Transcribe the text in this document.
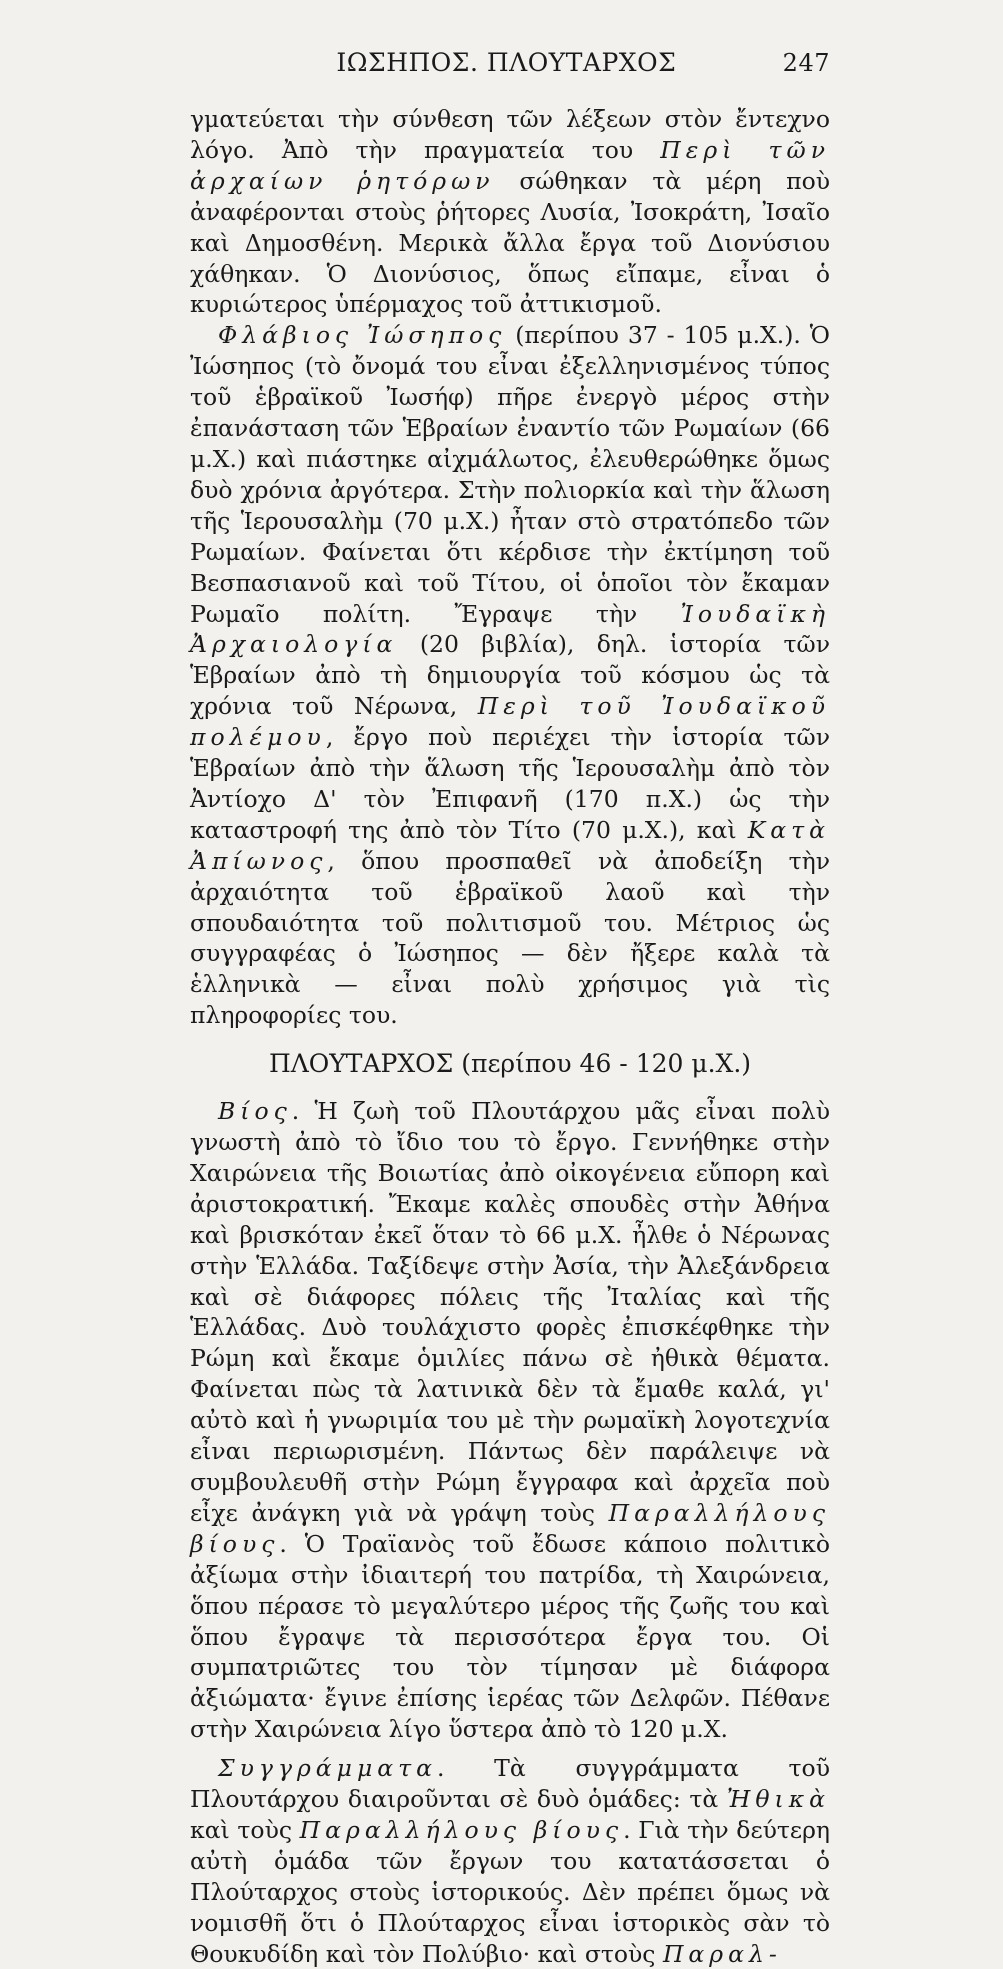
ΙΩΣΗΠΟΣ. ΠΛΟΥΤΑΡΧΟΣ	247

γματεύεται τὴν σύνθεση τῶν λέξεων στὸν ἔντεχνο λόγο. Ἀπὸ τὴν πραγματεία του Περὶ τῶν ἀρχαίων ῥητόρων σώθηκαν τὰ μέρη ποὺ ἀναφέρονται στοὺς ῥήτορες Λυσία, Ἰσοκράτη, Ἰσαῖο καὶ Δημοσθένη. Μερικὰ ἄλλα ἔργα τοῦ Διονύσιου χάθηκαν. Ὁ Διονύσιος, ὅπως εἴπαμε, εἶναι ὁ κυριώτερος ὑπέρμαχος τοῦ ἀττικισμοῦ.

Φλάβιος Ἰώσηπος (περίπου 37 - 105 μ.Χ.). Ὁ Ἰώσηπος (τὸ ὄνομά του εἶναι ἐξελληνισμένος τύπος τοῦ ἑβραϊκοῦ Ἰωσήφ) πῆρε ἐνεργὸ μέρος στὴν ἐπανάσταση τῶν Ἑβραίων ἐναντίο τῶν Ρωμαίων (66 μ.Χ.) καὶ πιάστηκε αἰχμάλωτος, ἐλευθερώθηκε ὅμως δυὸ χρόνια ἀργότερα. Στὴν πολιορκία καὶ τὴν ἅλωση τῆς Ἱερουσαλὴμ (70 μ.Χ.) ἦταν στὸ στρατόπεδο τῶν Ρωμαίων. Φαίνεται ὅτι κέρδισε τὴν ἐκτίμηση τοῦ Βεσπασιανοῦ καὶ τοῦ Τίτου, οἱ ὁποῖοι τὸν ἔκαμαν Ρωμαῖο πολίτη. Ἔγραψε τὴν Ἰουδαϊκὴ Ἀρχαιολογία (20 βιβλία), δηλ. ἱστορία τῶν Ἑβραίων ἀπὸ τὴ δημιουργία τοῦ κόσμου ὡς τὰ χρόνια τοῦ Νέρωνα, Περὶ τοῦ Ἰουδαϊκοῦ πολέμου, ἔργο ποὺ περιέχει τὴν ἱστορία τῶν Ἑβραίων ἀπὸ τὴν ἅλωση τῆς Ἱερουσαλὴμ ἀπὸ τὸν Ἀντίοχο Δ' τὸν Ἐπιφανῆ (170 π.Χ.) ὡς τὴν καταστροφή της ἀπὸ τὸν Τίτο (70 μ.Χ.), καὶ Κατὰ Ἀπίωνος, ὅπου προσπαθεῖ νὰ ἀποδείξη τὴν ἀρχαιότητα τοῦ ἑβραϊκοῦ λαοῦ καὶ τὴν σπουδαιότητα τοῦ πολιτισμοῦ του. Μέτριος ὡς συγγραφέας ὁ Ἰώσηπος — δὲν ἤξερε καλὰ τὰ ἑλληνικὰ — εἶναι πολὺ χρήσιμος γιὰ τὶς πληροφορίες του.

ΠΛΟΥΤΑΡΧΟΣ (περίπου 46 - 120 μ.Χ.)

Βίος. Ἡ ζωὴ τοῦ Πλουτάρχου μᾶς εἶναι πολὺ γνωστὴ ἀπὸ τὸ ἴδιο του τὸ ἔργο. Γεννήθηκε στὴν Χαιρώνεια τῆς Βοιωτίας ἀπὸ οἰκογένεια εὔπορη καὶ ἀριστοκρατική. Ἔκαμε καλὲς σπουδὲς στὴν Ἀθήνα καὶ βρισκόταν ἐκεῖ ὅταν τὸ 66 μ.Χ. ἦλθε ὁ Νέρωνας στὴν Ἑλλάδα. Ταξίδεψε στὴν Ἀσία, τὴν Ἀλεξάνδρεια καὶ σὲ διάφορες πόλεις τῆς Ἰταλίας καὶ τῆς Ἑλλάδας. Δυὸ τουλάχιστο φορὲς ἐπισκέφθηκε τὴν Ρώμη καὶ ἔκαμε ὁμιλίες πάνω σὲ ἠθικὰ θέματα. Φαίνεται πὼς τὰ λατινικὰ δὲν τὰ ἔμαθε καλά, γι' αὐτὸ καὶ ἡ γνωριμία του μὲ τὴν ρωμαϊκὴ λογοτεχνία εἶναι περιωρισμένη. Πάντως δὲν παράλειψε νὰ συμβουλευθῆ στὴν Ρώμη ἔγγραφα καὶ ἀρχεῖα ποὺ εἶχε ἀνάγκη γιὰ νὰ γράψη τοὺς Παραλλήλους βίους. Ὁ Τραϊανὸς τοῦ ἔδωσε κάποιο πολιτικὸ ἀξίωμα στὴν ἰδιαιτερή του πατρίδα, τὴ Χαιρώνεια, ὅπου πέρασε τὸ μεγαλύτερο μέρος τῆς ζωῆς του καὶ ὅπου ἔγραψε τὰ περισσότερα ἔργα του. Οἱ συμπατριῶτες του τὸν τίμησαν μὲ διάφορα ἀξιώματα· ἔγινε ἐπίσης ἱερέας τῶν Δελφῶν. Πέθανε στὴν Χαιρώνεια λίγο ὕστερα ἀπὸ τὸ 120 μ.Χ.

Συγγράμματα. Τὰ συγγράμματα τοῦ Πλουτάρχου διαιροῦνται σὲ δυὸ ὁμάδες: τὰ Ἠθικὰ καὶ τοὺς Παραλλήλους βίους. Γιὰ τὴν δεύτερη αὐτὴ ὁμάδα τῶν ἔργων του κατατάσσεται ὁ Πλούταρχος στοὺς ἱστορικούς. Δὲν πρέπει ὅμως νὰ νομισθῆ ὅτι ὁ Πλούταρχος εἶναι ἱστορικὸς σὰν τὸ Θουκυδίδη καὶ τὸν Πολύβιο· καὶ στοὺς Παραλ-
